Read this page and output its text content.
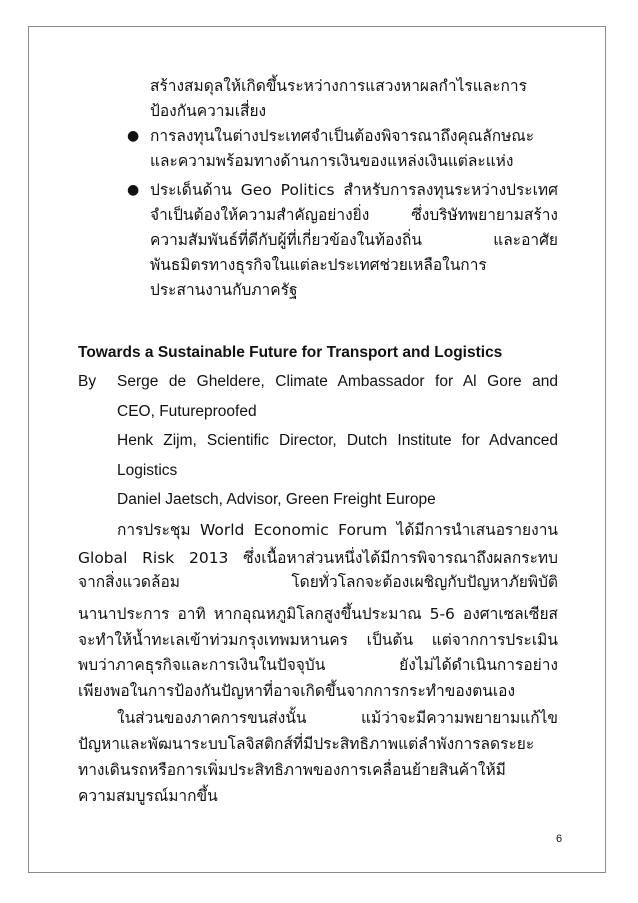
สร้างสมดุลให้เกิดขึ้นระหว่างการแสวงหาผลกำไรและการ
ป้องกันความเสี่ยง
● การลงทุนในต่างประเทศจำเป็นต้องพิจารณาถึงคุณลักษณะ
และความพร้อมทางด้านการเงินของแหล่งเงินแต่ละแห่ง
● ประเด็นด้าน Geo Politics สำหรับการลงทุนระหว่างประเทศ
จำเป็นต้องให้ความสำคัญอย่างยิ่ง ซึ่งบริษัทพยายามสร้าง
ความสัมพันธ์ที่ดีกับผู้ที่เกี่ยวข้องในท้องถิ่น และอาศัย
พันธมิตรทางธุรกิจในแต่ละประเทศช่วยเหลือในการ
ประสานงานกับภาครัฐ
Towards a Sustainable Future for Transport and Logistics
By Serge de Gheldere, Climate Ambassador for Al Gore and
CEO, Futureproofed
Henk Zijm, Scientific Director, Dutch Institute for Advanced
Logistics
Daniel Jaetsch, Advisor, Green Freight Europe
การประชุม World Economic Forum ได้มีการนำเสนอรายงาน
Global Risk 2013 ซึ่งเนื้อหาส่วนหนึ่งได้มีการพิจารณาถึงผลกระทบ
จากสิ่งแวดล้อม โดยทั่วโลกจะต้องเผชิญกับปัญหาภัยพิบัติ
นานาประการ อาทิ หากอุณหภูมิโลกสูงขึ้นประมาณ 5-6 องศาเซลเซียส
จะทำให้น้ำทะเลเข้าท่วมกรุงเทพมหานคร เป็นต้น แต่จากการประเมิน
พบว่าภาคธุรกิจและการเงินในปัจจุบัน ยังไม่ได้ดำเนินการอย่าง
เพียงพอในการป้องกันปัญหาที่อาจเกิดขึ้นจากการกระทำของตนเอง
ในส่วนของภาคการขนส่งนั้น แม้ว่าจะมีความพยายามแก้ไข
ปัญหาและพัฒนาระบบโลจิสติกส์ที่มีประสิทธิภาพแต่ลำพังการลดระยะ
ทางเดินรถหรือการเพิ่มประสิทธิภาพของการเคลื่อนย้ายสินค้าให้มี
ความสมบูรณ์มากขึ้น
6
